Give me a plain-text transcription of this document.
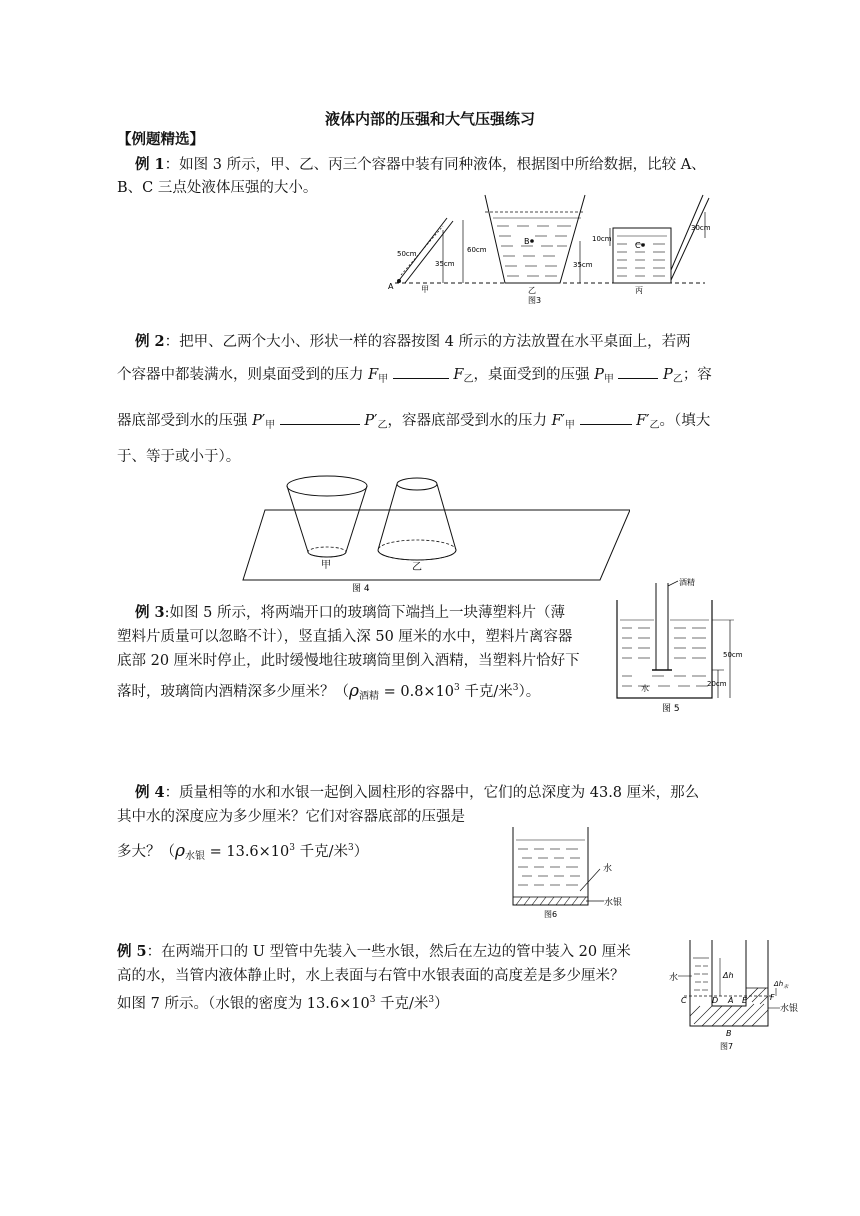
液体内部的压强和大气压强练习
【例题精选】
例 1：如图 3 所示，甲、乙、丙三个容器中装有同种液体，根据图中所给数据，比较 A、
B、C 三点处液体压强的大小。
A
50cm
35cm
甲
60cm
B
35cm
乙
图3
C
10cm
30cm
丙
例 2：把甲、乙两个大小、形状一样的容器按图 4 所示的方法放置在水平桌面上，若两
个容器中都装满水，则桌面受到的压力 $F_甲$	$F_乙$，桌面受到的压强 $P_甲$	$P_乙$；容
器底部受到水的压强 $P'_甲$	$P'_乙$，容器底部受到水的压力 $F'_甲$	$F'_乙$。（填大
于、等于或小于）。
甲	乙
图 4
例 3:如图 5 所示，将两端开口的玻璃筒下端挡上一块薄塑料片（薄
塑料片质量可以忽略不计），竖直插入深 50 厘米的水中，塑料片离容器
底部 20 厘米时停止，此时缓慢地往玻璃筒里倒入酒精，当塑料片恰好下
落时，玻璃筒内酒精深多少厘米？（$\rho_{酒精} = 0.8\times 10^3$ 千克/米$^3$）。
酒精
水
50cm
20cm
图 5
例 4：质量相等的水和水银一起倒入圆柱形的容器中，它们的总深度为 43.8 厘米，那么
其中水的深度应为多少厘米？它们对容器底部的压强是
多大？（$\rho_{水银} = 13.6\times 10^3$ 千克/米$^3$）
水
水银
图6
例 5：在两端开口的 U 型管中先装入一些水银，然后在左边的管中装入 20 厘米
高的水，当管内液体静止时，水上表面与右管中水银表面的高度差是多少厘米？
如图 7 所示。（水银的密度为 $13.6\times 10^3$ 千克/米$^3$）
水	Δh
$\Delta h_汞$
水银
C	D A E	F
B
图7
